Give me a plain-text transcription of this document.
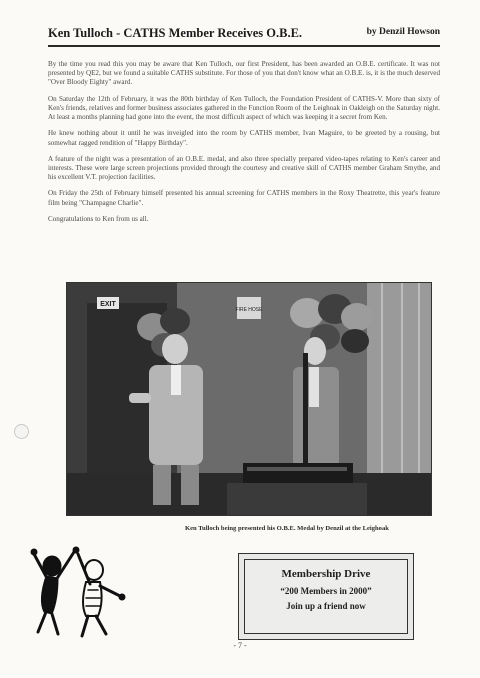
Ken Tulloch - CATHS Member Receives O.B.E.	by Denzil Howson

By the time you read this you may be aware that Ken Tulloch, our first President, has been awarded an O.B.E. certificate. It was not presented by QE2, but we found a suitable CATHS substitute. For those of you that don't know what an O.B.E. is, it is the much deserved "Over Bloody Eighty" award.

On Saturday the 12th of February, it was the 80th birthday of Ken Tulloch, the Foundation President of CATHS-V. More than sixty of Ken's friends, relatives and former business associates gathered in the Function Room of the Leighoak in Oakleigh on the Saturday night. At least a months planning had gone into the event, the most difficult aspect of which was keeping it a secret from Ken.

He knew nothing about it until he was inveigled into the room by CATHS member, Ivan Maguire, to be greeted by a rousing, but somewhat ragged rendition of "Happy Birthday".

A feature of the night was a presentation of an O.B.E. medal, and also three specially prepared video-tapes relating to Ken's career and interests. These were large screen projections provided through the courtesy and creative skill of CATHS member Graham Smythe, and his excellent V.T. projection facilities.

On Friday the 25th of February himself presented his annual screening for CATHS members in the Roxy Theatrette, this year's feature film being "Champagne Charlie".

Congratulations to Ken from us all.

EXIT
FIRE HOSE
Ken Tulloch being presented his O.B.E. Medal by Denzil at the Leighoak
Membership Drive
“200 Members in 2000”
Join up a friend now
- 7 -
